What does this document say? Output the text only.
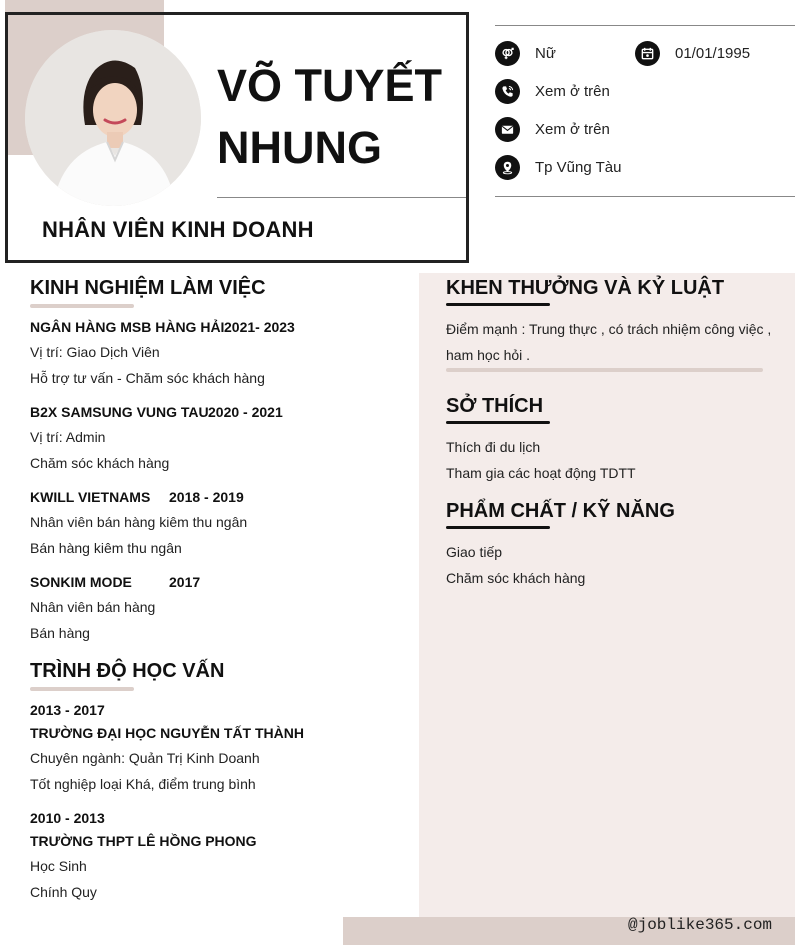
VÕ TUYẾT
NHUNG
NHÂN VIÊN KINH DOANH
Nữ	01/01/1995
Xem ở trên
Xem ở trên
Tp Vũng Tàu
KINH NGHIỆM LÀM VIỆC
NGÂN HÀNG MSB HÀNG HẢI 2021- 2023
Vị trí: Giao Dịch Viên
Hỗ trợ tư vấn - Chăm sóc khách hàng
B2X SAMSUNG VUNG TAU 2020 - 2021
Vị trí: Admin
Chăm sóc khách hàng
KWILL VIETNAMS 2018 - 2019
Nhân viên bán hàng kiêm thu ngân
Bán hàng kiêm thu ngân
SONKIM MODE	2017
Nhân viên bán hàng
Bán hàng
TRÌNH ĐỘ HỌC VẤN
2013 - 2017
TRƯỜNG ĐẠI HỌC NGUYỄN TẤT THÀNH
Chuyên ngành: Quản Trị Kinh Doanh
Tốt nghiệp loại Khá, điểm trung bình
2010 - 2013
TRƯỜNG THPT LÊ HỒNG PHONG
Học Sinh
Chính Quy
KHEN THƯỞNG VÀ KỶ LUẬT
Điểm mạnh : Trung thực , có trách nhiệm công việc , ham học hỏi .
SỞ THÍCH
Thích đi du lịch
Tham gia các hoạt động TDTT
PHẨM CHẤT / KỸ NĂNG
Giao tiếp
Chăm sóc khách hàng
@joblike365.com
